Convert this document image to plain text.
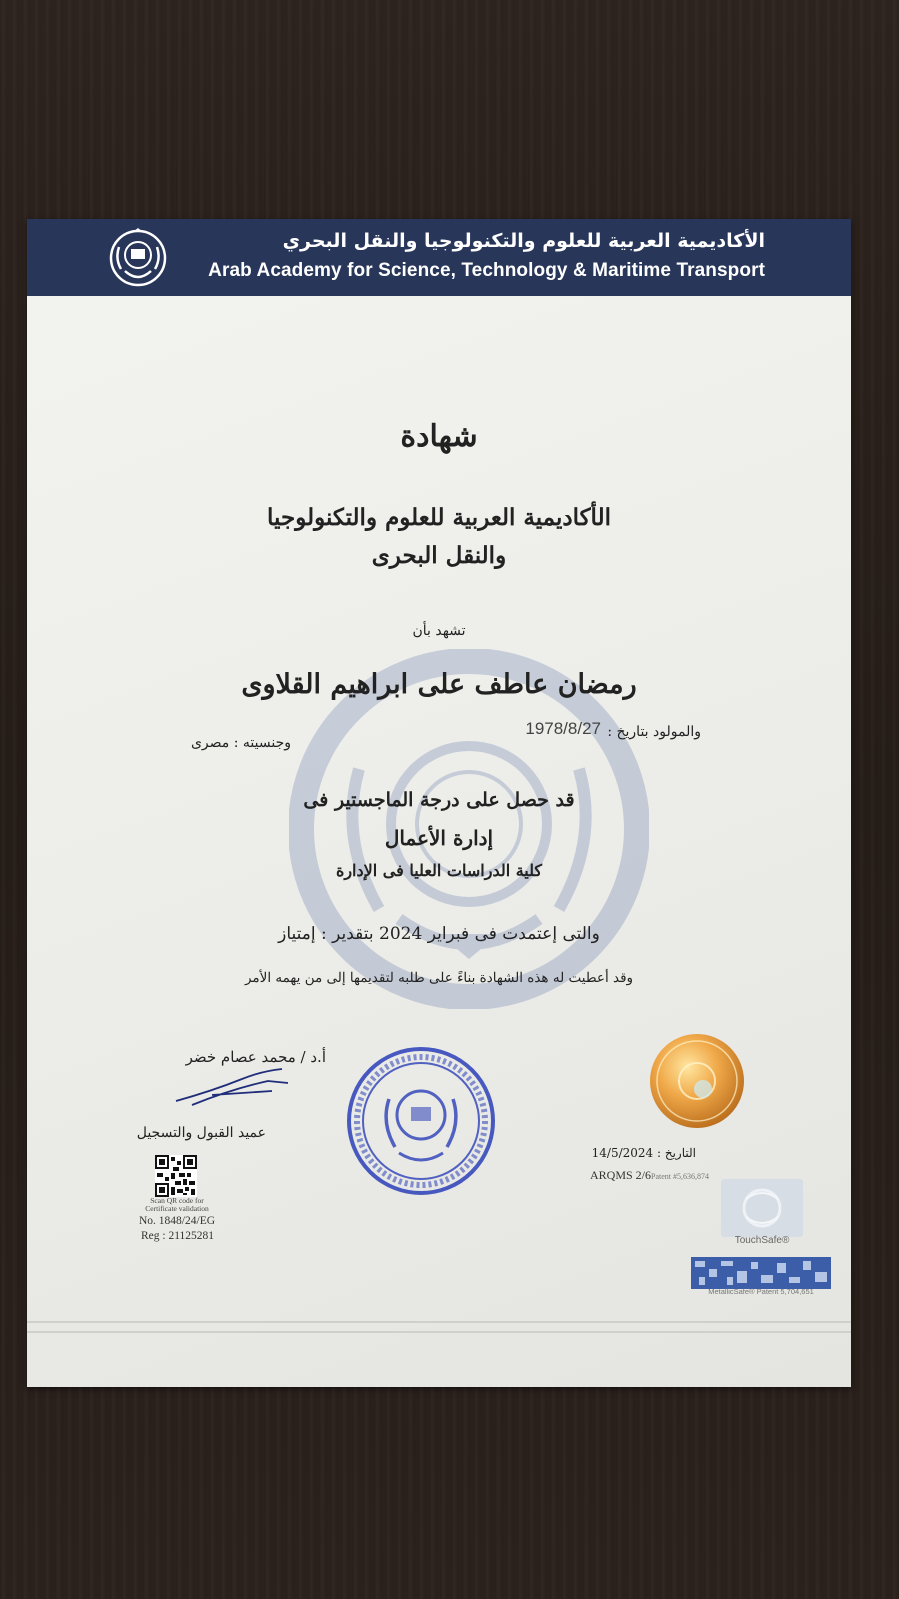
الأكاديمية العربية للعلوم والتكنولوجيا والنقل البحري
Arab Academy for Science, Technology & Maritime Transport
شهادة
الأكاديمية العربية للعلوم والتكنولوجيا
والنقل البحرى
تشهد بأن
رمضان عاطف على ابراهيم القلاوى
والمولود بتاريخ :
1978/8/27
وجنسيته : مصرى
قد حصل على درجة الماجستير فى
إدارة الأعمال
كلية الدراسات العليا فى الإدارة
والتى إعتمدت فى فبراير 2024 بتقدير : إمتياز
وقد أعطيت له هذه الشهادة بناءً على طلبه لتقديمها إلى من يهمه الأمر
أ.د / محمد عصام خضر
عميد القبول والتسجيل
التاريخ : 14/5/2024
ARQMS 2/6Patent #5,636,874
Scan QR code for Certificate validation
No. 1848/24/EG
Reg : 21125281	TouchSafe®
MetallicSafe® Patent 5,704,651
